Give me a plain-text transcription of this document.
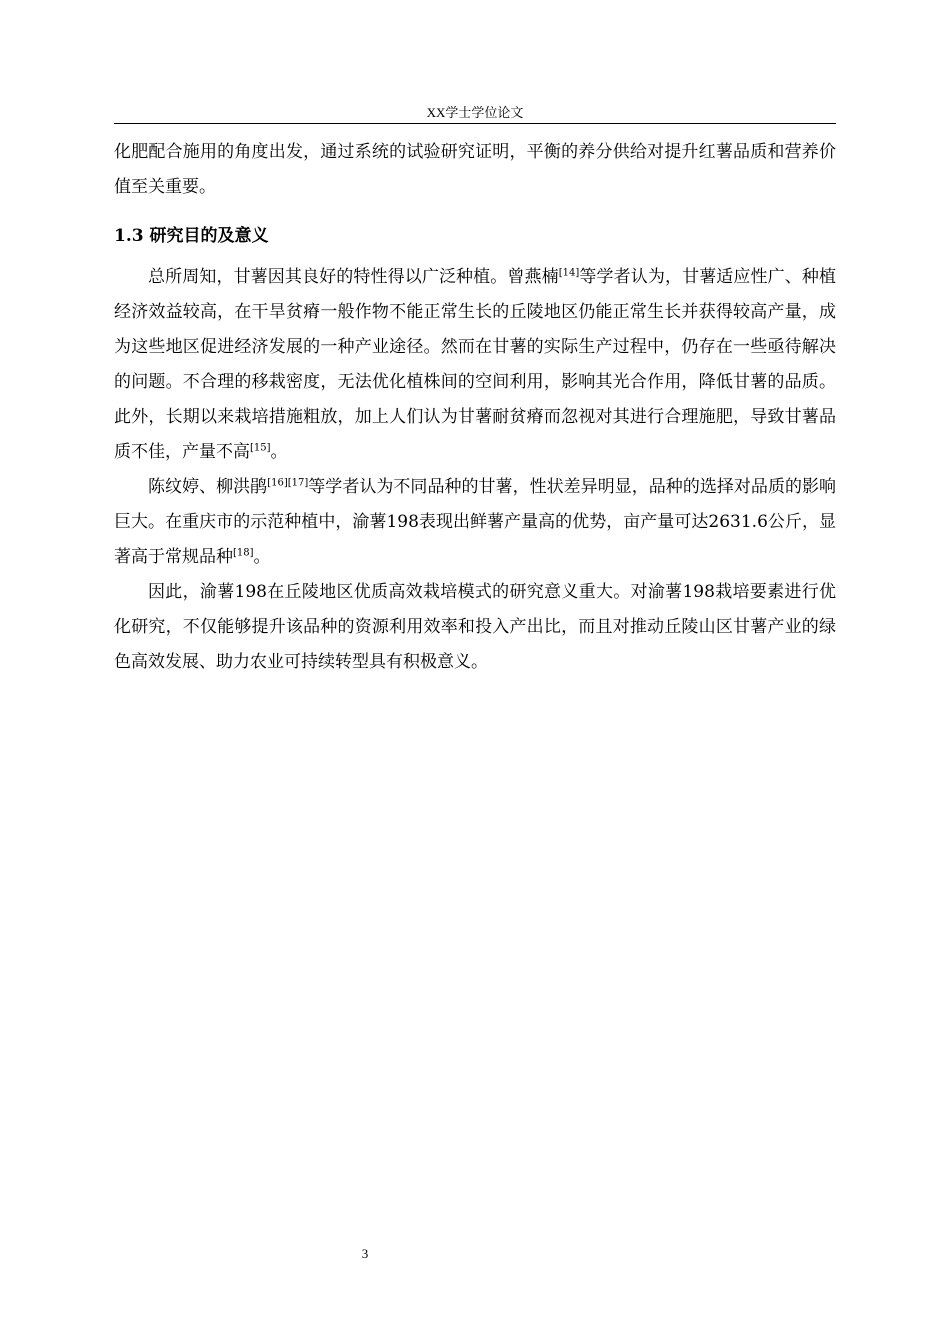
XX学士学位论文

化肥配合施用的角度出发，通过系统的试验研究证明，平衡的养分供给对提升红薯品质和营养价值至关重要。

1.3 研究目的及意义

总所周知，甘薯因其良好的特性得以广泛种植。曾燕楠[14]等学者认为，甘薯适应性广、种植经济效益较高，在干旱贫瘠一般作物不能正常生长的丘陵地区仍能正常生长并获得较高产量，成为这些地区促进经济发展的一种产业途径。然而在甘薯的实际生产过程中，仍存在一些亟待解决的问题。不合理的移栽密度，无法优化植株间的空间利用，影响其光合作用，降低甘薯的品质。此外，长期以来栽培措施粗放，加上人们认为甘薯耐贫瘠而忽视对其进行合理施肥，导致甘薯品质不佳，产量不高[15]。

陈纹婷、柳洪鹃[16][17]等学者认为不同品种的甘薯，性状差异明显，品种的选择对品质的影响巨大。在重庆市的示范种植中，渝薯198表现出鲜薯产量高的优势，亩产量可达2631.6公斤，显著高于常规品种[18]。

因此，渝薯198在丘陵地区优质高效栽培模式的研究意义重大。对渝薯198栽培要素进行优化研究，不仅能够提升该品种的资源利用效率和投入产出比，而且对推动丘陵山区甘薯产业的绿色高效发展、助力农业可持续转型具有积极意义。

3
